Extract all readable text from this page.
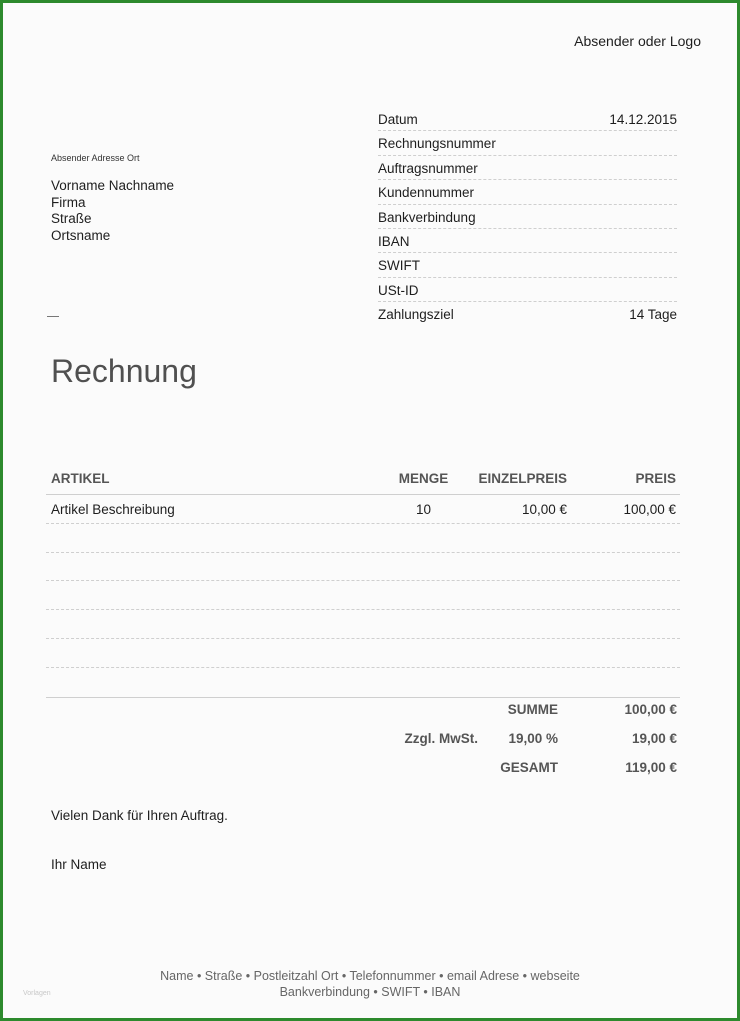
Absender oder Logo
Absender Adresse Ort
Vorname Nachname
Firma
Straße
Ortsname
Datum	14.12.2015
Rechnungsnummer
Auftragsnummer
Kundennummer
Bankverbindung
IBAN
SWIFT
USt-ID
Zahlungsziel	14 Tage
Rechnung
ARTIKEL	MENGE	EINZELPREIS	PREIS
Artikel Beschreibung	10	10,00 €	100,00 €
SUMME	100,00 €
Zzgl. MwSt.	19,00 %	19,00 €
GESAMT	119,00 €
Vielen Dank für Ihren Auftrag.
Ihr Name
Name • Straße • Postleitzahl Ort • Telefonnummer • email Adrese • webseite
Bankverbindung • SWIFT • IBAN
Vorlagen
